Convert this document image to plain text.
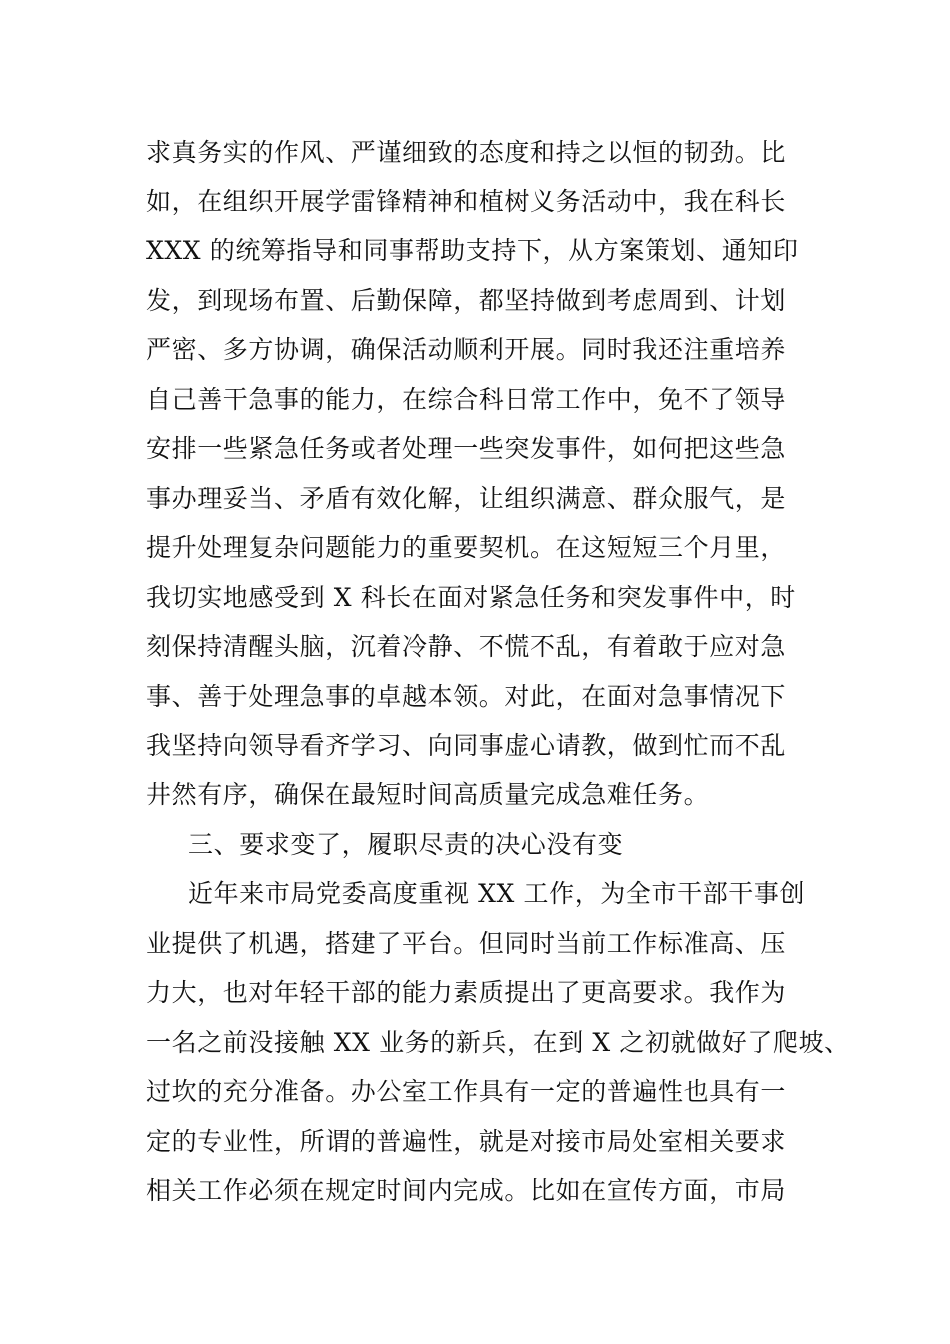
求真务实的作风、严谨细致的态度和持之以恒的韧劲。比
如，在组织开展学雷锋精神和植树义务活动中，我在科长
XXX 的统筹指导和同事帮助支持下，从方案策划、通知印
发，到现场布置、后勤保障，都坚持做到考虑周到、计划
严密、多方协调，确保活动顺利开展。同时我还注重培养
自己善干急事的能力，在综合科日常工作中，免不了领导
安排一些紧急任务或者处理一些突发事件，如何把这些急
事办理妥当、矛盾有效化解，让组织满意、群众服气，是
提升处理复杂问题能力的重要契机。在这短短三个月里，
我切实地感受到 X 科长在面对紧急任务和突发事件中，时
刻保持清醒头脑，沉着冷静、不慌不乱，有着敢于应对急
事、善于处理急事的卓越本领。对此，在面对急事情况下
我坚持向领导看齐学习、向同事虚心请教，做到忙而不乱
井然有序，确保在最短时间高质量完成急难任务。
三、要求变了，履职尽责的决心没有变
近年来市局党委高度重视 XX 工作，为全市干部干事创
业提供了机遇，搭建了平台。但同时当前工作标准高、压
力大，也对年轻干部的能力素质提出了更高要求。我作为
一名之前没接触 XX 业务的新兵，在到 X 之初就做好了爬坡、
过坎的充分准备。办公室工作具有一定的普遍性也具有一
定的专业性，所谓的普遍性，就是对接市局处室相关要求
相关工作必须在规定时间内完成。比如在宣传方面，市局
